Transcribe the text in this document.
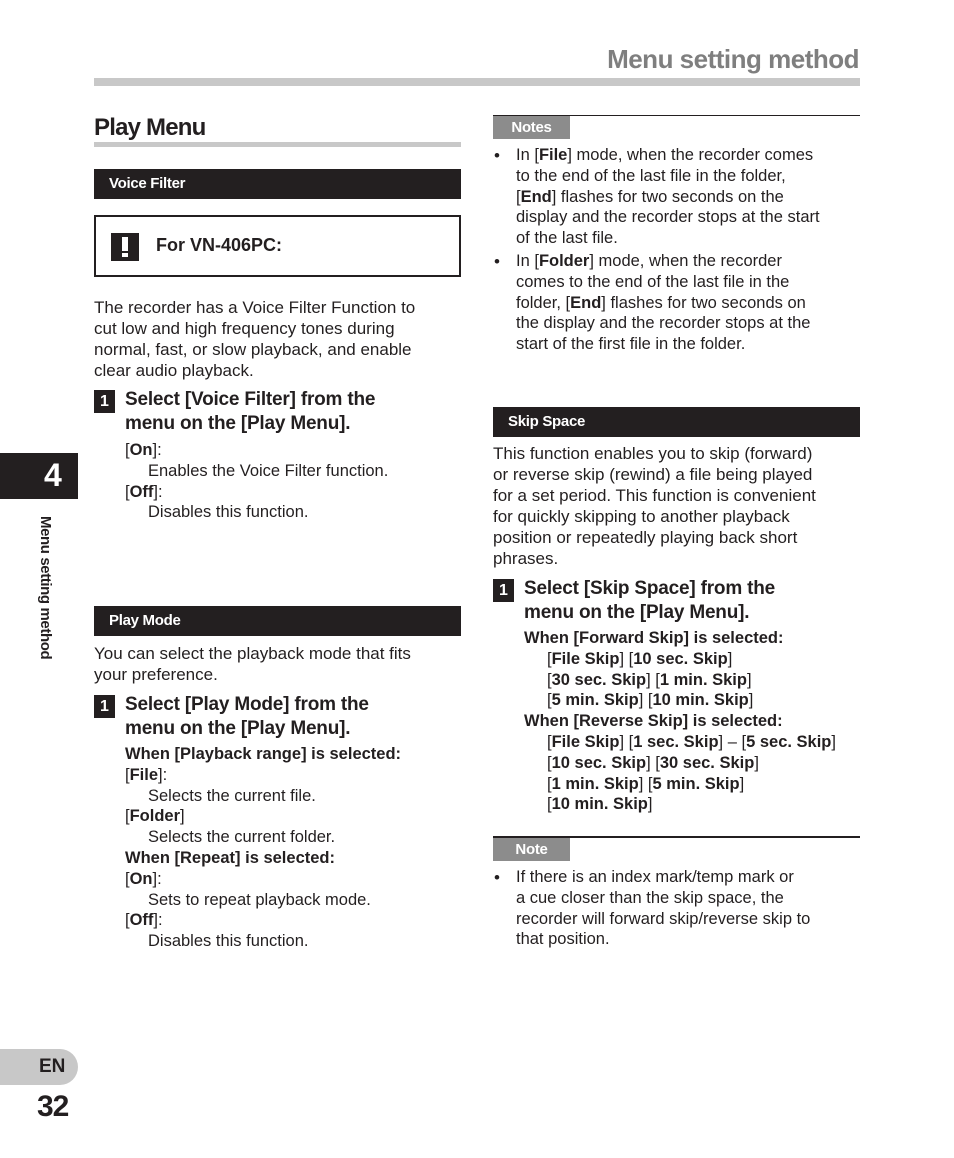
Menu setting method
Play Menu
Voice Filter
For VN-406PC:
The recorder has a Voice Filter Function to
cut low and high frequency tones during
normal, fast, or slow playback, and enable
clear audio playback.
1 Select [Voice Filter] from the
menu on the [Play Menu].
[On]:
Enables the Voice Filter function.
[Off]:
Disables this function.
Play Mode
You can select the playback mode that fits
your preference.
1 Select [Play Mode] from the
menu on the [Play Menu].
When [Playback range] is selected:
[File]:
Selects the current file.
[Folder]
Selects the current folder.
When [Repeat] is selected:
[On]:
Sets to repeat playback mode.
[Off]:
Disables this function.
Notes
• In [File] mode, when the recorder comes
to the end of the last file in the folder,
[End] flashes for two seconds on the
display and the recorder stops at the start
of the last file.
• In [Folder] mode, when the recorder
comes to the end of the last file in the
folder, [End] flashes for two seconds on
the display and the recorder stops at the
start of the first file in the folder.
Skip Space
This function enables you to skip (forward)
or reverse skip (rewind) a file being played
for a set period. This function is convenient
for quickly skipping to another playback
position or repeatedly playing back short
phrases.
1 Select [Skip Space] from the
menu on the [Play Menu].
When [Forward Skip] is selected:
[File Skip] [10 sec. Skip]
[30 sec. Skip] [1 min. Skip]
[5 min. Skip] [10 min. Skip]
When [Reverse Skip] is selected:
[File Skip] [1 sec. Skip] – [5 sec. Skip]
[10 sec. Skip] [30 sec. Skip]
[1 min. Skip] [5 min. Skip]
[10 min. Skip]
Note
• If there is an index mark/temp mark or
a cue closer than the skip space, the
recorder will forward skip/reverse skip to
that position.
4
Menu setting method
EN
32
